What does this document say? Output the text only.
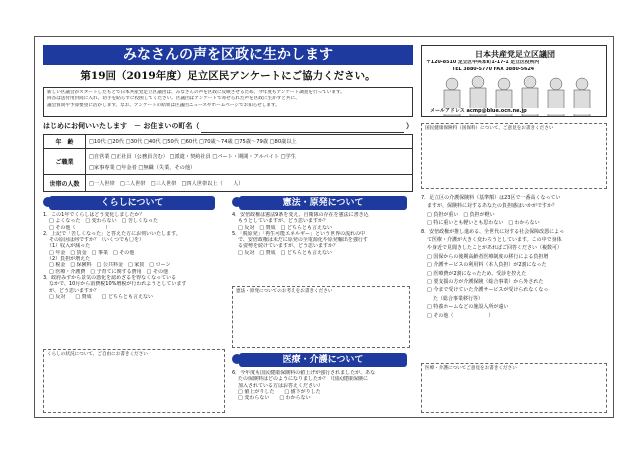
みなさんの声を区政に生かします
第19回（2019年度）足立区民アンケートにご協力ください。
新しい区議会がスタートしたもとで日本共産党足立区議団は、みなさんの声を区政に反映させるため、今年度もアンケート調査を行っています。
回答は送付用封筒に入れ、切手を貼らずに投函してください。区議団はアンケートで寄せられた声を区政に生かすと共に、
議会質問や予算要望に活かします。なお、アンケートの結果は区議団ニュースやホームページでお知らせします。
日本共産党足立区議団
〒120-8510 足立区中央本町1-17-1 足立区役所内
TEL 3880-5770 FAX 3880-5624
メールアドレス acmp@blue.ocn.ne.jp
はじめにお伺いいたします　－ お住まいの町名（	）
年　齢	□10代 □20代 □30代 □40代 □50代 □60代 □70歳～74歳 □75歳～79歳 □80歳以上
ご職業
□自営業 □正社員（公務員含む） □派遣・契約社員 □パート・期間・アルバイト □学生
□家事専業 □年金者 □無職（失業、その他）
世帯の人数	□一人世帯　□二人世帯　□三人世帯　□四人世帯以上（　　人）
国民健康保険料（国保料）について、ご意見をお書きください
くらしについて
1．この1年でくらしはどう変化しましたか？
□ よくなった　□ 変わらない　□ 苦しくなった
□ その他（　　　　　　）
2．上記で「苦しくなった」と答えた方にお伺いいたします。
その原因は何ですか？（いくつでも〇を）
（1）収入が減った
□ 年金　□ 賃金　□ 事業　□ その他
（2）負担が増えた
□ 税金　□ 保険料　□ 公共料金　□ 家賃　□ ローン
□ 医療・介護費　□ 子育てに関する費用　□ その他
3．政府みずから景気の悪化を認めざるを得なくなっている
なかで、10月から消費税10%増税が行われようとしています
が、どう思いますか？
□ 反対　　□ 賛成　　□ どちらとも言えない
くらしの状況について、ご自由にお書きください
憲法・原発について
4．安倍政権は憲法9条を変え、自衛隊の存在を憲法に書き込
もうとしていますが、どう思いますか？
□ 反対　□ 賛成　□ どちらとも言えない
5．「脱原発」「再生可能エネルギー」という世界の流れの中
で、安倍政権は未だに原発の全電源化や原発輸出を強行す
る姿勢を続けていますが、どう思いますか？
□ 反対　□ 賛成　□ どちらとも言えない
憲法・原発についてのお考えをお書きください
医療・介護について
6．今年度も国民健康保険料の値上げが強行されましたが、あな
たの保険料はどのようになりましたか？（国民健康保険に
加入されている方はお答えください）
□ 値上がりした　　□ 値下がりした
□ 変わらない　　□ わからない
7．足立区の介護保険料（基準額）は23区で一番高くなってい
ますが、保険料に対するあなたの負担感はいかがですか？
□ 負担が重い　□ 負担が軽い
□ 特に重いとも軽いとも思わない　□ わからない
8．安倍政権が推し進める、全世代に対する社会保障改悪によっ
て医療・介護が大きく変わろうとしています。この中で身体
や身近で見聞きしたことがあればご回答ください（複数可）
□ 国保からの後期高齢者医療制度の移行による負担増
□ 介護サービスの利用料（本人負担）が2割になった
□ 医療費が2割になったため、受診を控えた
□ 要支援の方が介護保険（総合事業）から外された
□ 今まで受けていた介護サービスが受けられなくなっ
た（総合事業移行等）
□ 特養ホームなどの施設入所が遠い
□ その他（　　　　　　　）
医療・介護についてご意見をお書きください
